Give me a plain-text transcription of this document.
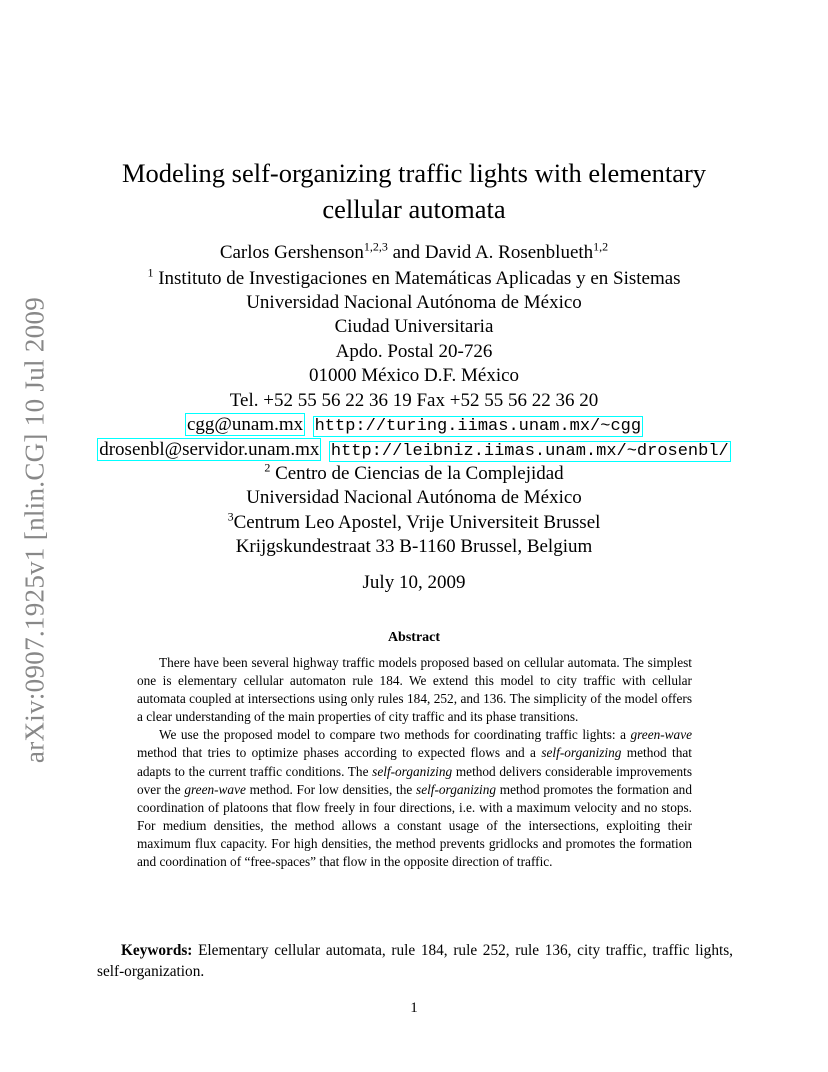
arXiv:0907.1925v1 [nlin.CG] 10 Jul 2009
Modeling self-organizing traffic lights with elementary cellular automata
Carlos Gershenson$^{1,2,3}$ and David A. Rosenblueth$^{1,2}$
$^1$ Instituto de Investigaciones en Matemáticas Aplicadas y en Sistemas
Universidad Nacional Autónoma de México
Ciudad Universitaria
Apdo. Postal 20-726
01000 México D.F. México
Tel. +52 55 56 22 36 19 Fax +52 55 56 22 36 20
cgg@unam.mx http://turing.iimas.unam.mx/~cgg
drosenbl@servidor.unam.mx http://leibniz.iimas.unam.mx/~drosenbl/
$^2$ Centro de Ciencias de la Complejidad
Universidad Nacional Autónoma de México
$^3$Centrum Leo Apostel, Vrije Universiteit Brussel
Krijgskundestraat 33 B-1160 Brussel, Belgium
July 10, 2009
Abstract

There have been several highway traffic models proposed based on cellular automata. The simplest one is elementary cellular automaton rule 184. We extend this model to city traffic with cellular automata coupled at intersections using only rules 184, 252, and 136. The simplicity of the model offers a clear understanding of the main properties of city traffic and its phase transitions.

We use the proposed model to compare two methods for coordinating traffic lights: a green-wave method that tries to optimize phases according to expected flows and a self-organizing method that adapts to the current traffic conditions. The self-organizing method delivers considerable improvements over the green-wave method. For low densities, the self-organizing method promotes the formation and coordination of platoons that flow freely in four directions, i.e. with a maximum velocity and no stops. For medium densities, the method allows a constant usage of the intersections, exploiting their maximum flux capacity. For high densities, the method prevents gridlocks and promotes the formation and coordination of “free-spaces” that flow in the opposite direction of traffic.

Keywords: Elementary cellular automata, rule 184, rule 252, rule 136, city traffic, traffic lights, self-organization.

1
